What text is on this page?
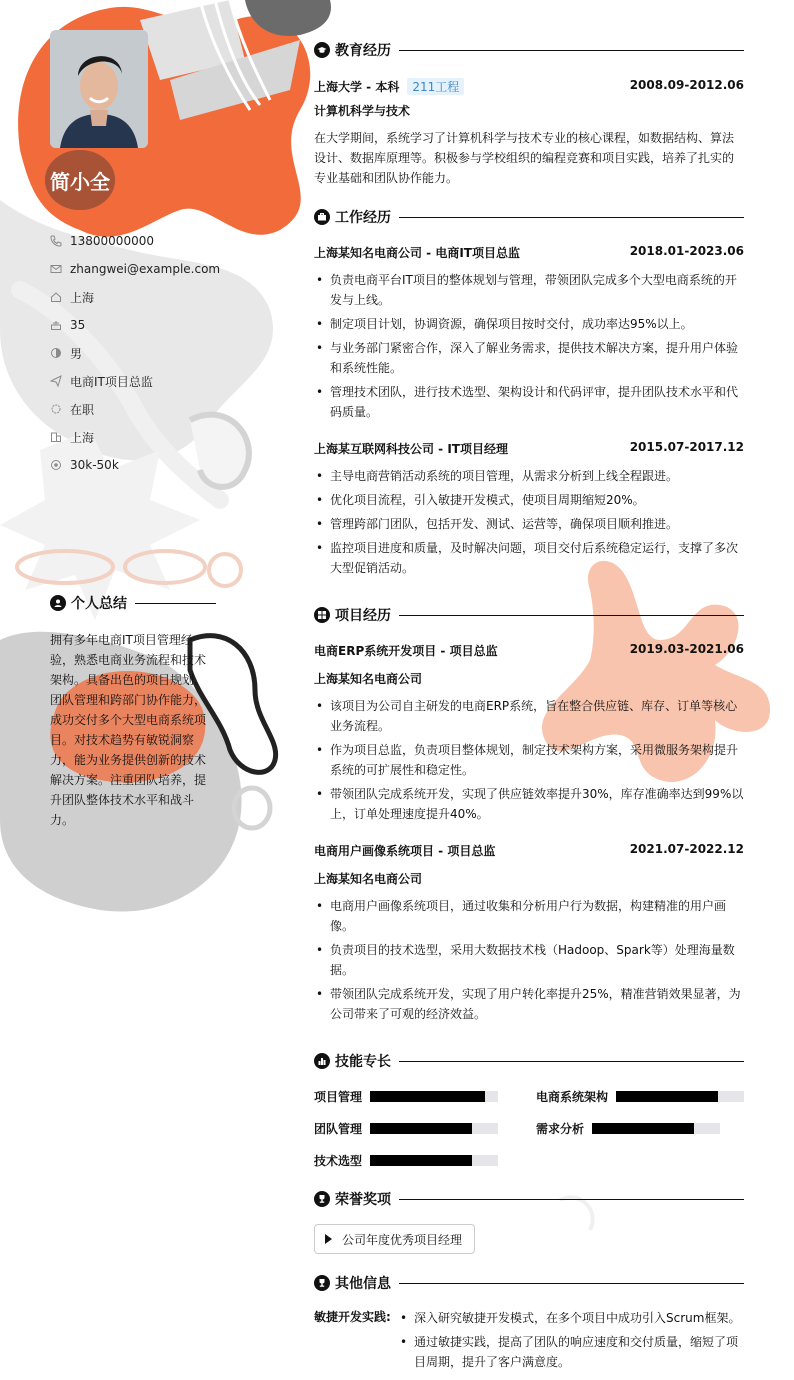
简小全
13800000000
zhangwei@example.com
上海
35
男
电商IT项目总监
在职
上海
30k-50k
个人总结
拥有多年电商IT项目管理经验，熟悉电商业务流程和技术架构。具备出色的项目规划、团队管理和跨部门协作能力，成功交付多个大型电商系统项目。对技术趋势有敏锐洞察力，能为业务提供创新的技术解决方案。注重团队培养，提升团队整体技术水平和战斗力。
教育经历
上海大学 - 本科 211工程	2008.09-2012.06
计算机科学与技术
在大学期间，系统学习了计算机科学与技术专业的核心课程，如数据结构、算法设计、数据库原理等。积极参与学校组织的编程竞赛和项目实践，培养了扎实的专业基础和团队协作能力。
工作经历
上海某知名电商公司 - 电商IT项目总监	2018.01-2023.06
• 负责电商平台IT项目的整体规划与管理，带领团队完成多个大型电商系统的开发与上线。
• 制定项目计划，协调资源，确保项目按时交付，成功率达95%以上。
• 与业务部门紧密合作，深入了解业务需求，提供技术解决方案，提升用户体验和系统性能。
• 管理技术团队，进行技术选型、架构设计和代码评审，提升团队技术水平和代码质量。
上海某互联网科技公司 - IT项目经理	2015.07-2017.12
• 主导电商营销活动系统的项目管理，从需求分析到上线全程跟进。
• 优化项目流程，引入敏捷开发模式，使项目周期缩短20%。
• 管理跨部门团队，包括开发、测试、运营等，确保项目顺利推进。
• 监控项目进度和质量，及时解决问题，项目交付后系统稳定运行，支撑了多次大型促销活动。
项目经历
电商ERP系统开发项目 - 项目总监	2019.03-2021.06
上海某知名电商公司
• 该项目为公司自主研发的电商ERP系统，旨在整合供应链、库存、订单等核心业务流程。
• 作为项目总监，负责项目整体规划，制定技术架构方案，采用微服务架构提升系统的可扩展性和稳定性。
• 带领团队完成系统开发，实现了供应链效率提升30%，库存准确率达到99%以上，订单处理速度提升40%。
电商用户画像系统项目 - 项目总监	2021.07-2022.12
上海某知名电商公司
• 电商用户画像系统项目，通过收集和分析用户行为数据，构建精准的用户画像。
• 负责项目的技术选型，采用大数据技术栈（Hadoop、Spark等）处理海量数据。
• 带领团队完成系统开发，实现了用户转化率提升25%，精准营销效果显著，为公司带来了可观的经济效益。
技能专长
项目管理	电商系统架构
团队管理	需求分析
技术选型
荣誉奖项
公司年度优秀项目经理
其他信息
敏捷开发实践:
•	深入研究敏捷开发模式，在多个项目中成功引入Scrum框架。
• 通过敏捷实践，提高了团队的响应速度和交付质量，缩短了项目周期，提升了客户满意度。
